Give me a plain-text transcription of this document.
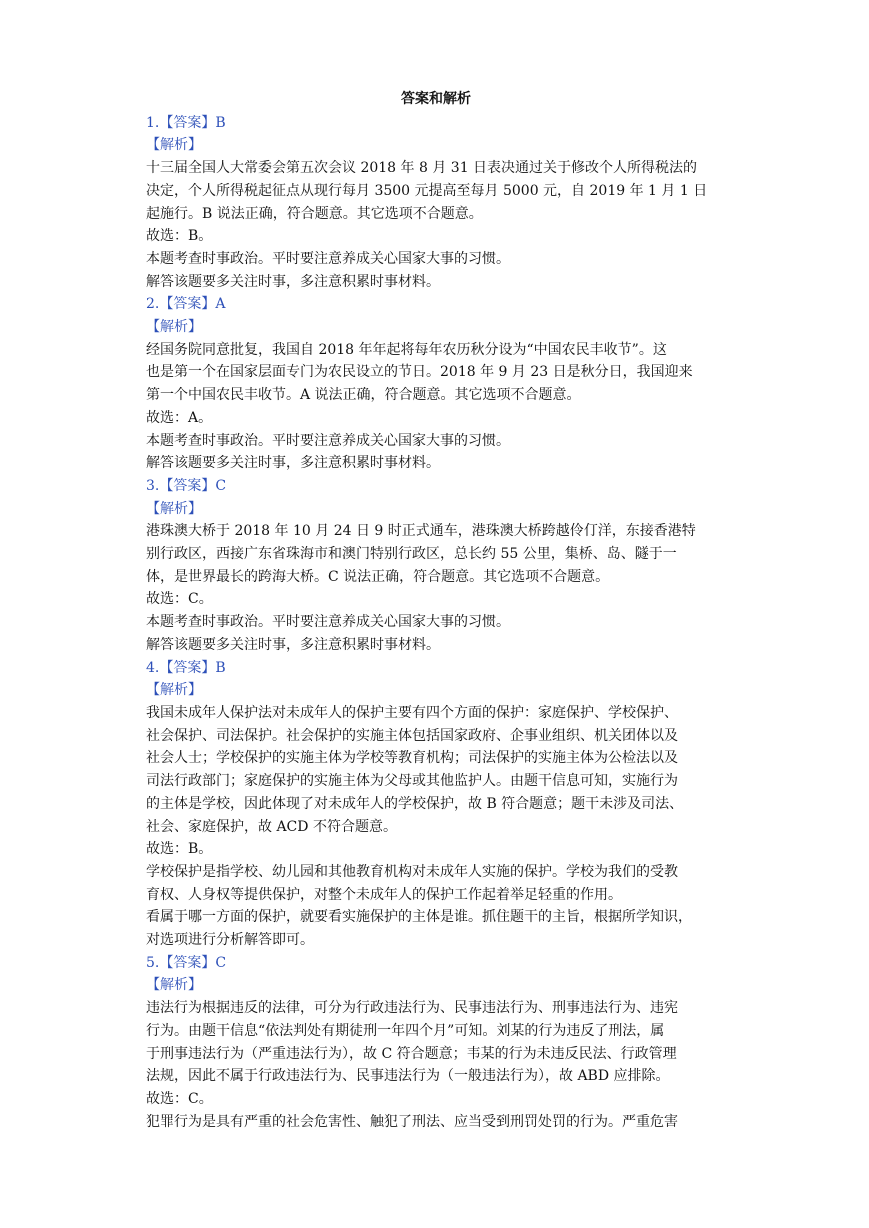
答案和解析
1.【答案】B
【解析】
十三届全国人大常委会第五次会议 2018 年 8 月 31 日表决通过关于修改个人所得税法的
决定，个人所得税起征点从现行每月 3500 元提高至每月 5000 元，自 2019 年 1 月 1 日
起施行。B 说法正确，符合题意。其它选项不合题意。
故选：B。
本题考查时事政治。平时要注意养成关心国家大事的习惯。
解答该题要多关注时事，多注意积累时事材料。
2.【答案】A
【解析】
经国务院同意批复，我国自 2018 年年起将每年农历秋分设为“中国农民丰收节”。这
也是第一个在国家层面专门为农民设立的节日。2018 年 9 月 23 日是秋分日，我国迎来
第一个中国农民丰收节。A 说法正确，符合题意。其它选项不合题意。
故选：A。
本题考查时事政治。平时要注意养成关心国家大事的习惯。
解答该题要多关注时事，多注意积累时事材料。
3.【答案】C
【解析】
港珠澳大桥于 2018 年 10 月 24 日 9 时正式通车，港珠澳大桥跨越伶仃洋，东接香港特
别行政区，西接广东省珠海市和澳门特别行政区，总长约 55 公里，集桥、岛、隧于一
体，是世界最长的跨海大桥。C 说法正确，符合题意。其它选项不合题意。
故选：C。
本题考查时事政治。平时要注意养成关心国家大事的习惯。
解答该题要多关注时事，多注意积累时事材料。
4.【答案】B
【解析】
我国未成年人保护法对未成年人的保护主要有四个方面的保护：家庭保护、学校保护、
社会保护、司法保护。社会保护的实施主体包括国家政府、企事业组织、机关团体以及
社会人士；学校保护的实施主体为学校等教育机构；司法保护的实施主体为公检法以及
司法行政部门；家庭保护的实施主体为父母或其他监护人。由题干信息可知，实施行为
的主体是学校，因此体现了对未成年人的学校保护，故 B 符合题意；题干未涉及司法、
社会、家庭保护，故 ACD 不符合题意。
故选：B。
学校保护是指学校、幼儿园和其他教育机构对未成年人实施的保护。学校为我们的受教
育权、人身权等提供保护，对整个未成年人的保护工作起着举足轻重的作用。
看属于哪一方面的保护，就要看实施保护的主体是谁。抓住题干的主旨，根据所学知识，
对选项进行分析解答即可。
5.【答案】C
【解析】
违法行为根据违反的法律，可分为行政违法行为、民事违法行为、刑事违法行为、违宪
行为。由题干信息“依法判处有期徒刑一年四个月”可知。刘某的行为违反了刑法，属
于刑事违法行为（严重违法行为），故 C 符合题意；韦某的行为未违反民法、行政管理
法规，因此不属于行政违法行为、民事违法行为（一般违法行为），故 ABD 应排除。
故选：C。
犯罪行为是具有严重的社会危害性、触犯了刑法、应当受到刑罚处罚的行为。严重危害
